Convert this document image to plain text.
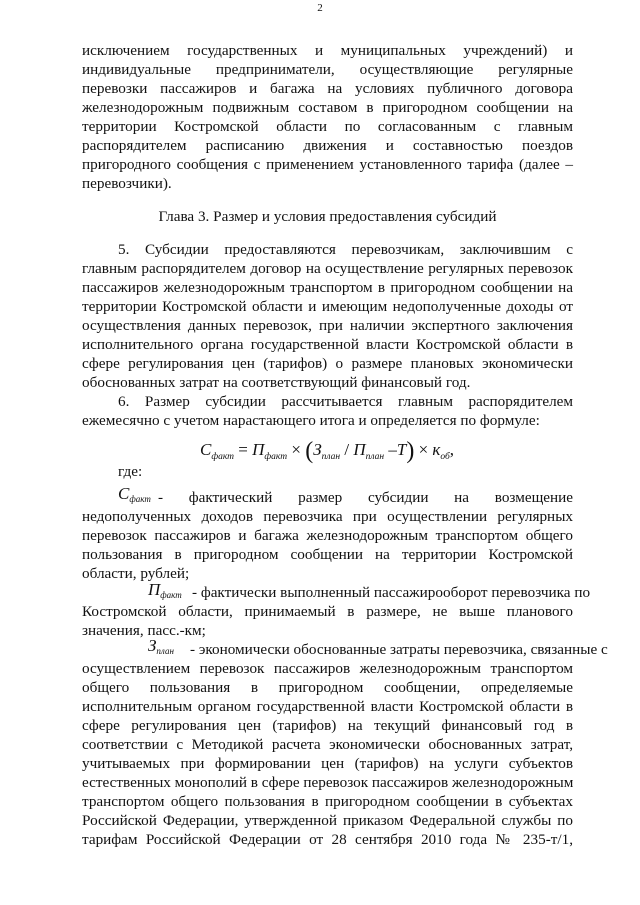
2
исключением государственных и муниципальных учреждений) и
индивидуальные предприниматели, осуществляющие регулярные
перевозки пассажиров и багажа на условиях публичного договора
железнодорожным подвижным составом в пригородном сообщении на
территории Костромской области по согласованным с главным
распорядителем расписанию движения и составностью поездов
пригородного сообщения с применением установленного тарифа (далее –
перевозчики).
Глава 3. Размер и условия предоставления субсидий
5. Субсидии предоставляются перевозчикам, заключившим с
главным распорядителем договор на осуществление регулярных перевозок
пассажиров железнодорожным транспортом в пригородном сообщении на
территории Костромской области и имеющим недополученные доходы от
осуществления данных перевозок, при наличии экспертного заключения
исполнительного органа государственной власти Костромской области в
сфере регулирования цен (тарифов) о размере плановых экономически
обоснованных затрат на соответствующий финансовый год.
6. Размер субсидии рассчитывается главным распорядителем
ежемесячно с учетом нарастающего итога и определяется по формуле:
$С_{факт} = П_{факт} \times (З_{план} / П_{план}$ $-Т) \times к_{об}$,
где:
$С_{факт}$ - фактический размер субсидии на возмещение
недополученных доходов перевозчика при осуществлении регулярных
перевозок пассажиров и багажа железнодорожным транспортом общего
пользования в пригородном сообщении на территории Костромской
области, рублей;
$П_{факт}$ - фактически выполненный пассажирооборот перевозчика по
Костромской области, принимаемый в размере, не выше планового
значения, пасс.-км;
$З_{план}$ - экономически обоснованные затраты перевозчика, связанные с
осуществлением перевозок пассажиров железнодорожным транспортом
общего пользования в пригородном сообщении, определяемые
исполнительным органом государственной власти Костромской области в
сфере регулирования цен (тарифов) на текущий финансовый год в
соответствии с Методикой расчета экономически обоснованных затрат,
учитываемых при формировании цен (тарифов) на услуги субъектов
естественных монополий в сфере перевозок пассажиров железнодорожным
транспортом общего пользования в пригородном сообщении в субъектах
Российской Федерации, утвержденной приказом Федеральной службы по
тарифам Российской Федерации от 28 сентября 2010 года № 235-т/1,
